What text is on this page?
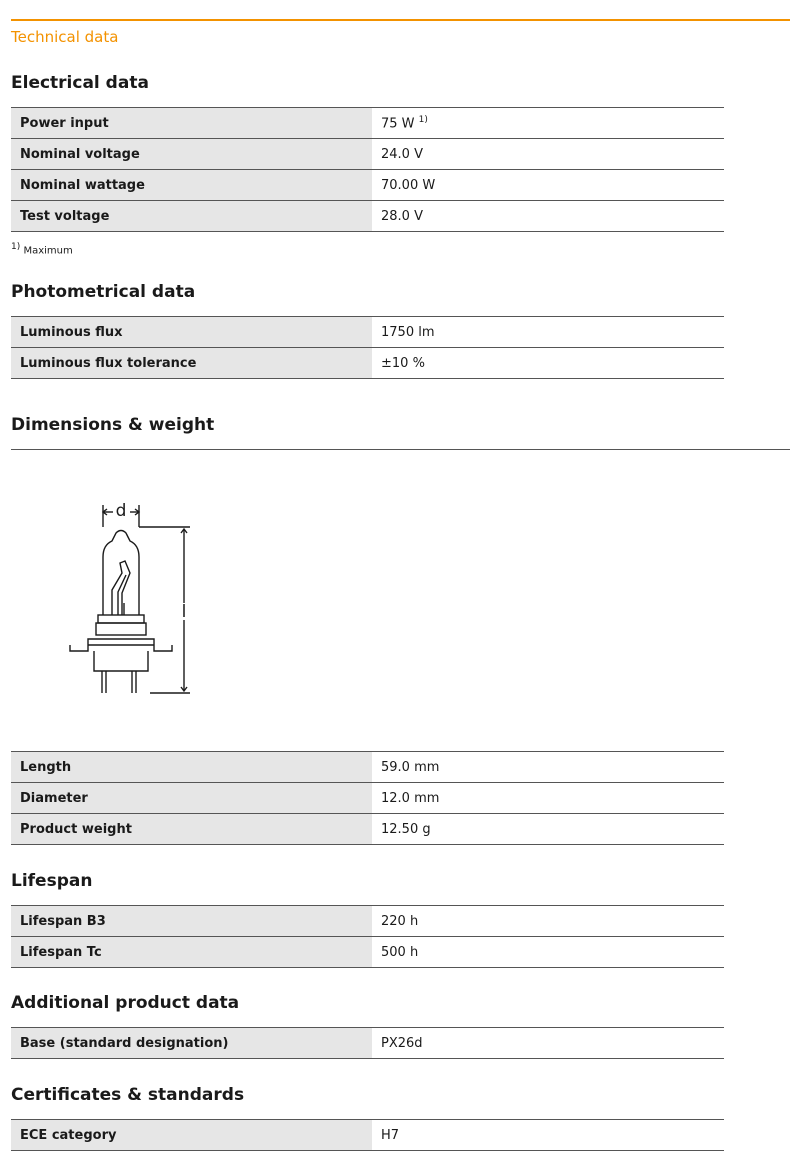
Technical data
Electrical data
Power input	75 W $^{1)}$
Nominal voltage	24.0 V
Nominal wattage	70.00 W
Test voltage	28.0 V
$^{1)}$ Maximum
Photometrical data
Luminous flux	1750 lm
Luminous flux tolerance	±10 %
Dimensions & weight
d
l
Length	59.0 mm
Diameter	12.0 mm
Product weight	12.50 g
Lifespan
Lifespan B3	220 h
Lifespan Tc	500 h
Additional product data
Base (standard designation)	PX26d
Certificates & standards
ECE category	H7
